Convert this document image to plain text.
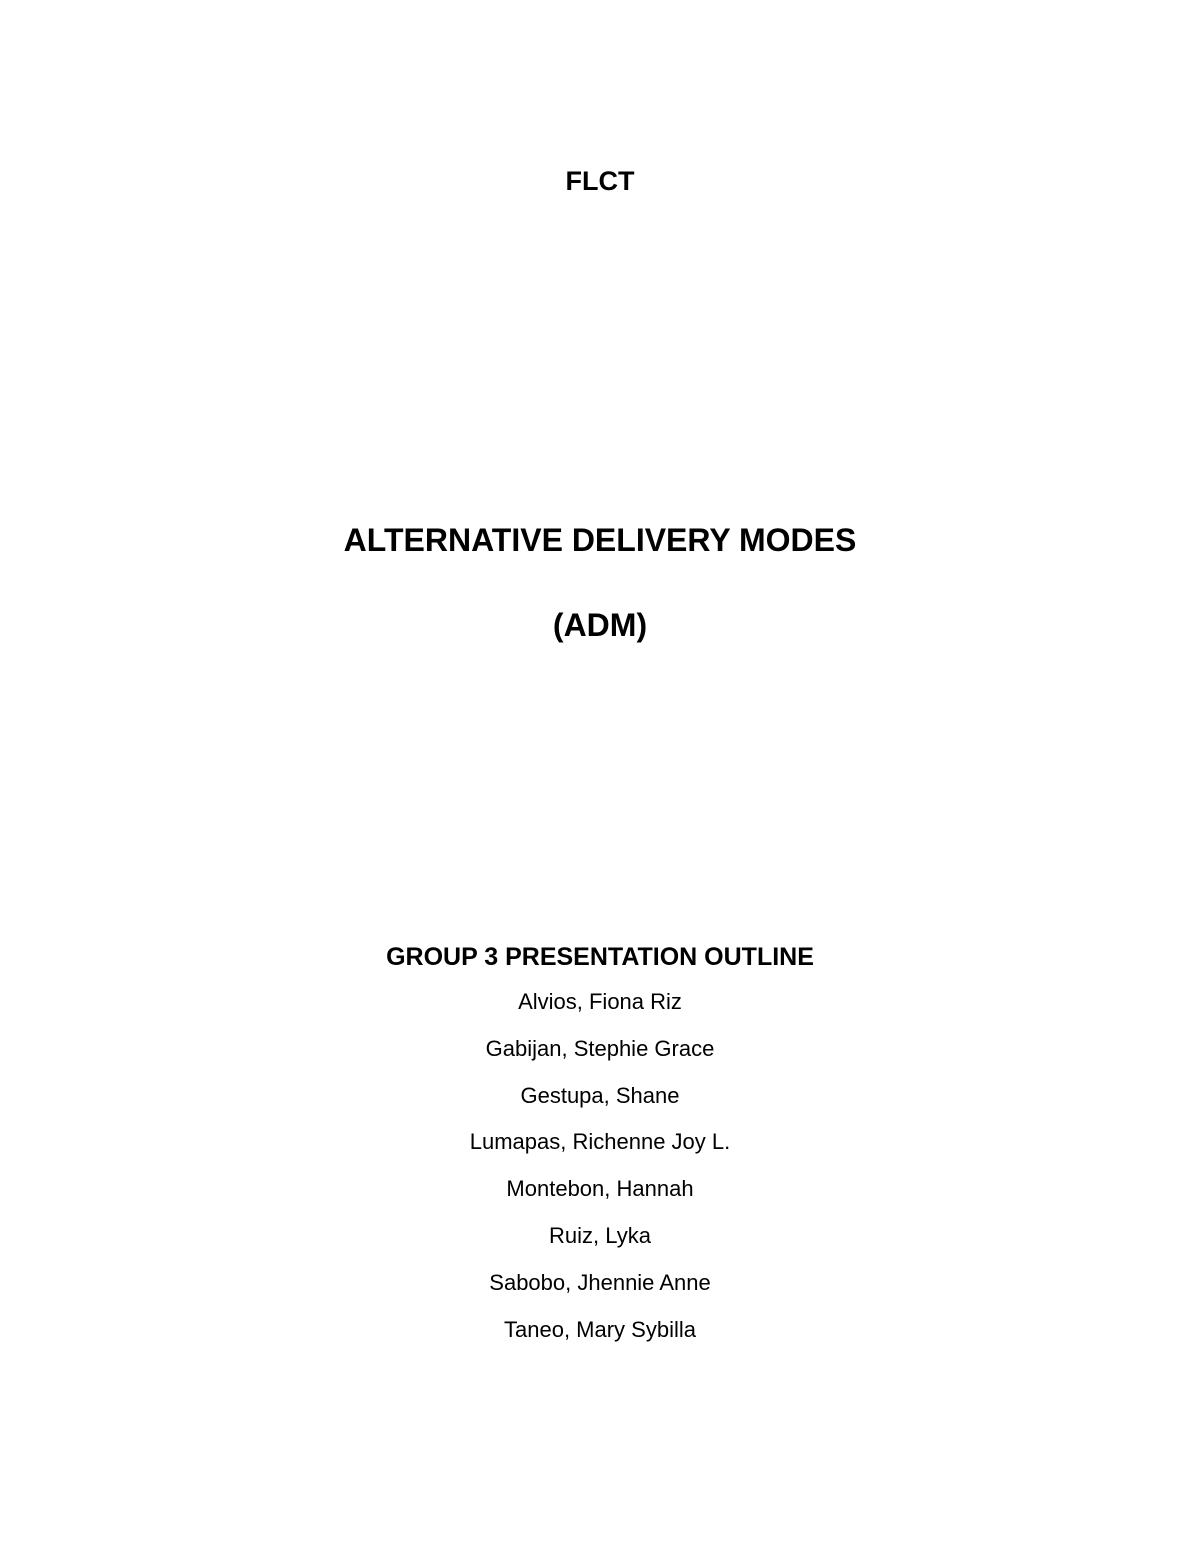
FLCT
ALTERNATIVE DELIVERY MODES
(ADM)
GROUP 3 PRESENTATION OUTLINE
Alvios, Fiona Riz
Gabijan, Stephie Grace
Gestupa, Shane
Lumapas, Richenne Joy L.
Montebon, Hannah
Ruiz, Lyka
Sabobo, Jhennie Anne
Taneo, Mary Sybilla
